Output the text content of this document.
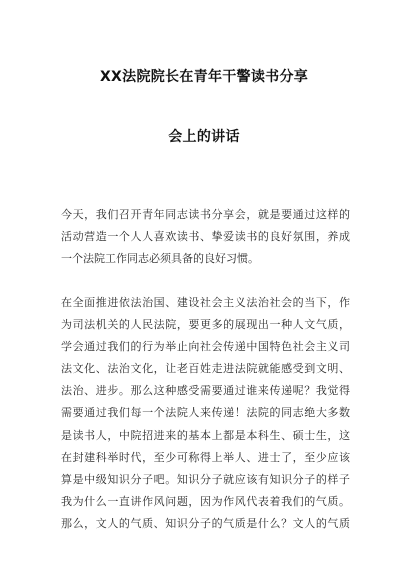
XX法院院长在青年干警读书分享
会上的讲话
今天，我们召开青年同志读书分享会，就是要通过这样的
活动营造一个人人喜欢读书、挚爱读书的良好氛围，养成
一个法院工作同志必须具备的良好习惯。
在全面推进依法治国、建设社会主义法治社会的当下，作
为司法机关的人民法院，要更多的展现出一种人文气质，
学会通过我们的行为举止向社会传递中国特色社会主义司
法文化、法治文化，让老百姓走进法院就能感受到文明、
法治、进步。那么这种感受需要通过谁来传递呢？我觉得
需要通过我们每一个法院人来传递！法院的同志绝大多数
是读书人，中院招进来的基本上都是本科生、硕士生，这
在封建科举时代，至少可称得上举人、进士了，至少应该
算是中级知识分子吧。知识分子就应该有知识分子的样子
我为什么一直讲作风问题，因为作风代表着我们的气质。
那么，文人的气质、知识分子的气质是什么？文人的气质
